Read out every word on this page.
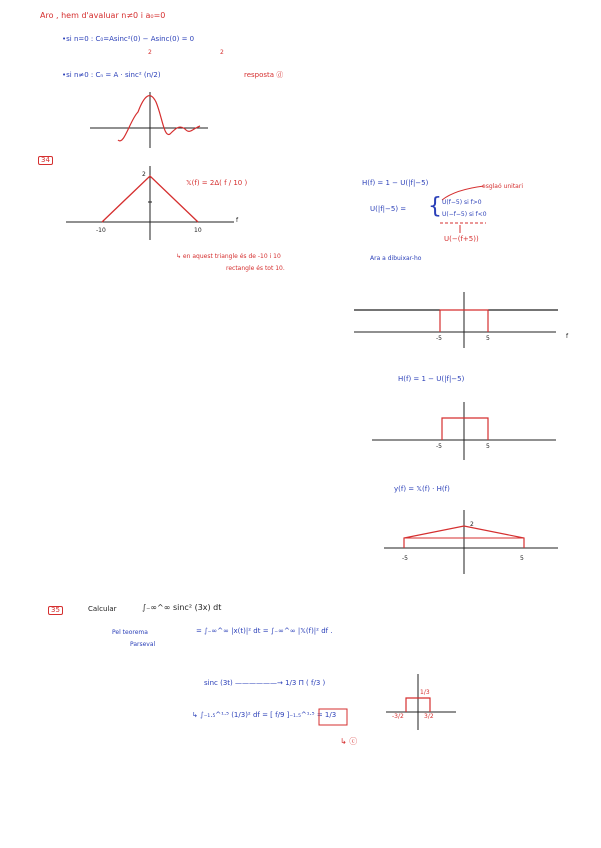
Aro , hem d'avaluar n≠0 i a₀=0
•si n=0 : C₀=Asinc²(0) − Asinc(0) = 0
2	2
•si n≠0 : Cₙ = A · sinc² (n/2)	resposta ⓓ
34
2
-10	10
f
𝕏(f) = 2Δ( f / 10 )
↳ en aquest triangle és de -10 i 10
rectangle és tot 10.
H(f) = 1 − U(|f|−5)	esglaó unitari
U(|f|−5) = { U(f−5) si f>0
U(−f−5) si f<0
U(−(f+5))
Ara a dibuixar-ho
-5	5	f
H(f) = 1 − U(|f|−5)
-5	5
y(f) = 𝕏(f) · H(f)
2
-5	5
35	Calcular	∫₋∞^∞ sinc² (3x) dt
Pel teorema
Parseval
= ∫₋∞^∞ |x(t)|² dt = ∫₋∞^∞ |𝕏(f)|² df .
sinc (3t) ——————→ 1/3 Π ( f/3 )
↳ ∫₋₁.₅^¹·⁵ (1/3)² df = [ f/9 ]₋₁.₅^¹·⁵ = 1/3
↳ ⓒ
-3/2	3/2
1/3
